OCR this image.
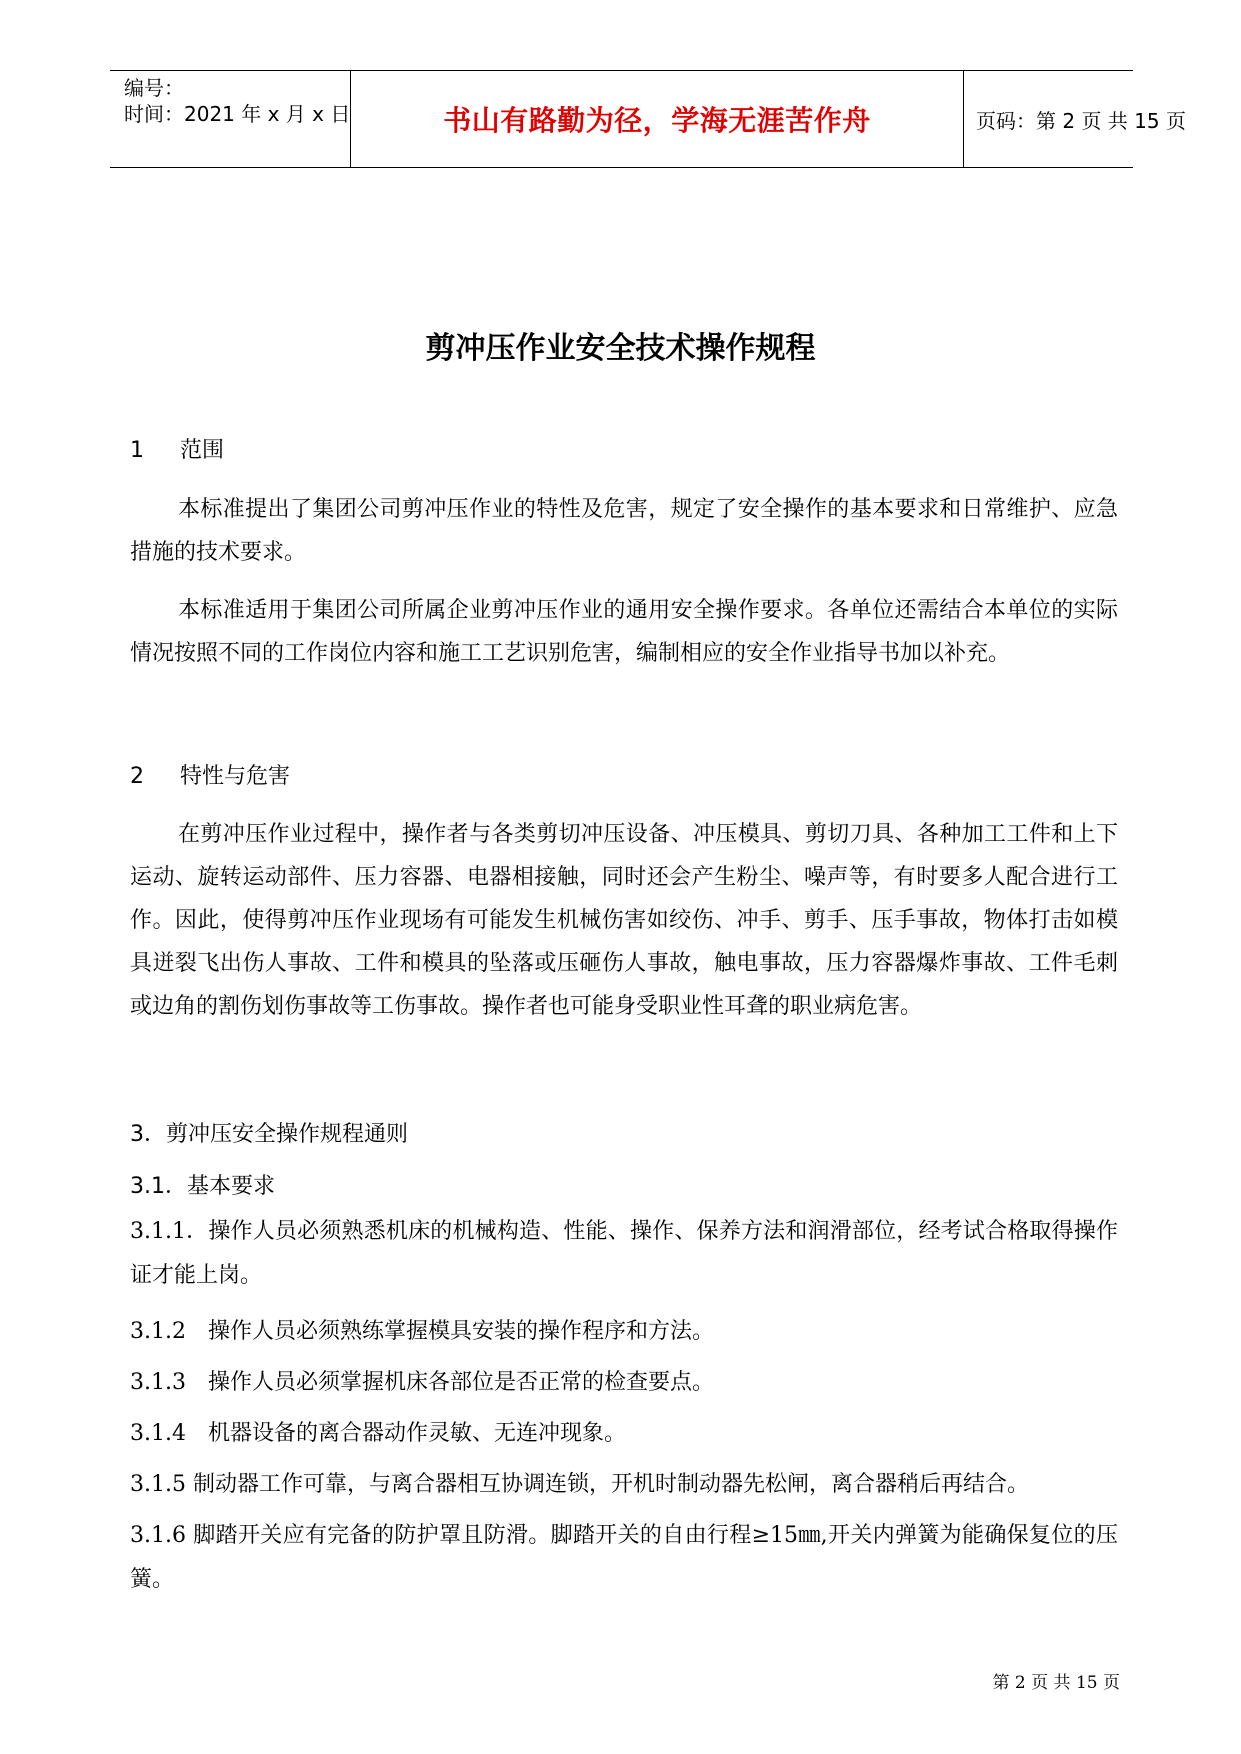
编号：
时间：2021 年 x 月 x 日	书山有路勤为径，学海无涯苦作舟	页码：第 2 页 共 15 页
剪冲压作业安全技术操作规程
1 范围

本标准提出了集团公司剪冲压作业的特性及危害，规定了安全操作的基本要求和日常维护、应急措施的技术要求。

本标准适用于集团公司所属企业剪冲压作业的通用安全操作要求。各单位还需结合本单位的实际情况按照不同的工作岗位内容和施工工艺识别危害，编制相应的安全作业指导书加以补充。

2 特性与危害

在剪冲压作业过程中，操作者与各类剪切冲压设备、冲压模具、剪切刀具、各种加工工件和上下运动、旋转运动部件、压力容器、电器相接触，同时还会产生粉尘、噪声等，有时要多人配合进行工作。因此，使得剪冲压作业现场有可能发生机械伤害如绞伤、冲手、剪手、压手事故，物体打击如模具迸裂飞出伤人事故、工件和模具的坠落或压砸伤人事故，触电事故，压力容器爆炸事故、工件毛刺或边角的割伤划伤事故等工伤事故。操作者也可能身受职业性耳聋的职业病危害。

3．剪冲压安全操作规程通则
3.1．基本要求

3.1.1．操作人员必须熟悉机床的机械构造、性能、操作、保养方法和润滑部位，经考试合格取得操作证才能上岗。

3.1.2　操作人员必须熟练掌握模具安装的操作程序和方法。

3.1.3　操作人员必须掌握机床各部位是否正常的检查要点。

3.1.4　机器设备的离合器动作灵敏、无连冲现象。

3.1.5 制动器工作可靠，与离合器相互协调连锁，开机时制动器先松闸，离合器稍后再结合。

3.1.6 脚踏开关应有完备的防护罩且防滑。脚踏开关的自由行程≥15㎜,开关内弹簧为能确保复位的压簧。

第 2 页 共 15 页
